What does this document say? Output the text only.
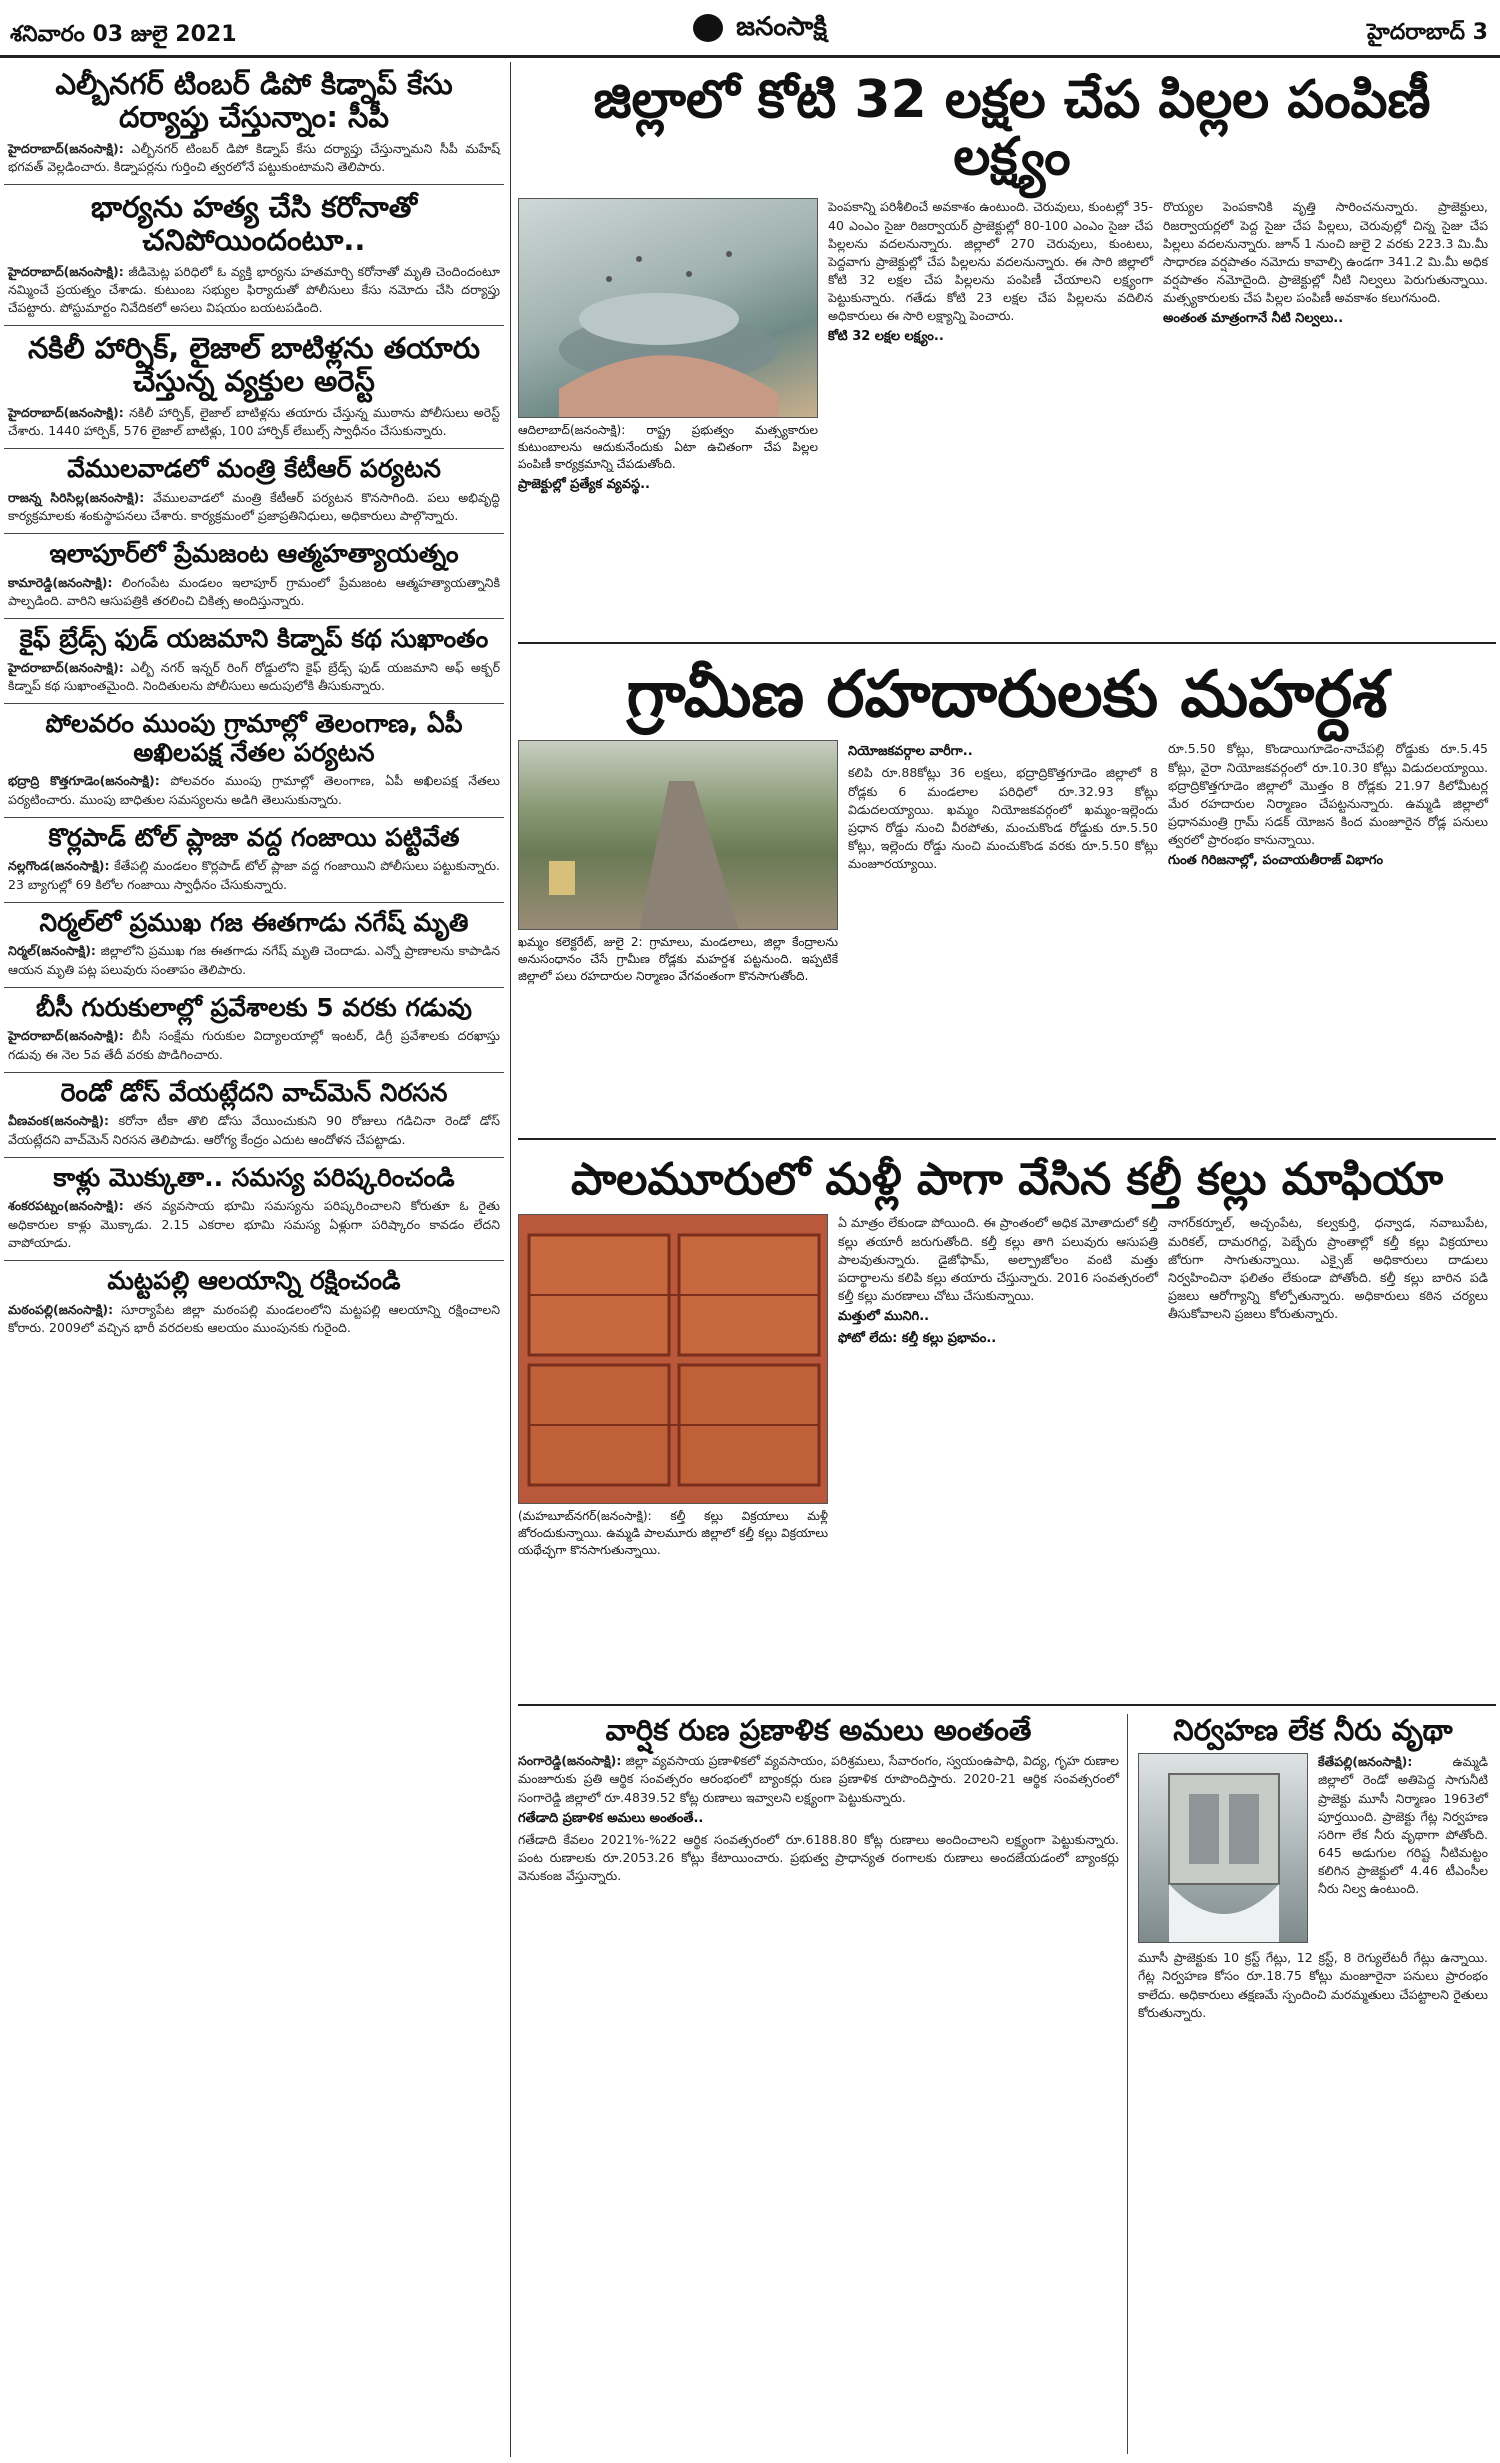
శనివారం 03 జులై 2021	జనంసాక్షి	హైదరాబాద్ 3
ఎల్బీనగర్ టింబర్ డిపో కిడ్నాప్ కేసు దర్యాప్తు చేస్తున్నాం: సీపీ
హైదరాబాద్(జనంసాక్షి): ఎల్బీనగర్ టింబర్ డిపో కిడ్నాప్ కేసు దర్యాప్తు చేస్తున్నామని సీపీ మహేష్ భగవత్ వెల్లడించారు. కిడ్నాపర్లను గుర్తించి త్వరలోనే పట్టుకుంటామని తెలిపారు.
భార్యను హత్య చేసి కరోనాతో చనిపోయిందంటూ..
హైదరాబాద్(జనంసాక్షి): జీడిమెట్ల పరిధిలో ఓ వ్యక్తి భార్యను హతమార్చి కరోనాతో మృతి చెందిందంటూ నమ్మించే ప్రయత్నం చేశాడు. కుటుంబ సభ్యుల ఫిర్యాదుతో పోలీసులు కేసు నమోదు చేసి దర్యాప్తు చేపట్టారు. పోస్టుమార్టం నివేదికలో అసలు విషయం బయటపడింది.
నకిలీ హార్పిక్, లైజాల్ బాటిళ్లను తయారు చేస్తున్న వ్యక్తుల అరెస్ట్
హైదరాబాద్(జనంసాక్షి): నకిలీ హార్పిక్, లైజాల్ బాటిళ్లను తయారు చేస్తున్న ముఠాను పోలీసులు అరెస్ట్ చేశారు. 1440 హార్పిక్, 576 లైజాల్ బాటిళ్లు, 100 హార్పిక్ లేబుల్స్ స్వాధీనం చేసుకున్నారు.
వేములవాడలో మంత్రి కేటీఆర్ పర్యటన
రాజన్న సిరిసిల్ల(జనంసాక్షి): వేములవాడలో మంత్రి కేటీఆర్ పర్యటన కొనసాగింది. పలు అభివృద్ధి కార్యక్రమాలకు శంకుస్థాపనలు చేశారు. కార్యక్రమంలో ప్రజాప్రతినిధులు, అధికారులు పాల్గొన్నారు.
ఇలాపూర్‌లో ప్రేమజంట ఆత్మహత్యాయత్నం
కామారెడ్డి(జనంసాక్షి): లింగంపేట మండలం ఇలాపూర్ గ్రామంలో ప్రేమజంట ఆత్మహత్యాయత్నానికి పాల్పడింది. వారిని ఆసుపత్రికి తరలించి చికిత్స అందిస్తున్నారు.
కైఫ్ బ్రేడ్స్ ఫుడ్ యజమాని కిడ్నాప్ కథ సుఖాంతం
హైదరాబాద్(జనంసాక్షి): ఎల్బీ నగర్ ఇన్నర్ రింగ్ రోడ్డులోని కైఫ్ బ్రేడ్స్ ఫుడ్ యజమాని అఫ్ అక్బర్ కిడ్నాప్ కథ సుఖాంతమైంది. నిందితులను పోలీసులు అదుపులోకి తీసుకున్నారు.
పోలవరం ముంపు గ్రామాల్లో తెలంగాణ, ఏపీ అఖిలపక్ష నేతల పర్యటన
భద్రాద్రి కొత్తగూడెం(జనంసాక్షి): పోలవరం ముంపు గ్రామాల్లో తెలంగాణ, ఏపీ అఖిలపక్ష నేతలు పర్యటించారు. ముంపు బాధితుల సమస్యలను అడిగి తెలుసుకున్నారు.
కొర్లపాడ్ టోల్ ప్లాజా వద్ద గంజాయి పట్టివేత
నల్లగొండ(జనంసాక్షి): కేతేపల్లి మండలం కొర్లపాడ్ టోల్ ప్లాజా వద్ద గంజాయిని పోలీసులు పట్టుకున్నారు. 23 బ్యాగుల్లో 69 కిలోల గంజాయి స్వాధీనం చేసుకున్నారు.
నిర్మల్‌లో ప్రముఖ గజ ఈతగాడు నగేష్ మృతి
నిర్మల్(జనంసాక్షి): జిల్లాలోని ప్రముఖ గజ ఈతగాడు నగేష్ మృతి చెందాడు. ఎన్నో ప్రాణాలను కాపాడిన ఆయన మృతి పట్ల పలువురు సంతాపం తెలిపారు.
బీసీ గురుకులాల్లో ప్రవేశాలకు 5 వరకు గడువు
హైదరాబాద్(జనంసాక్షి): బీసీ సంక్షేమ గురుకుల విద్యాలయాల్లో ఇంటర్, డిగ్రీ ప్రవేశాలకు దరఖాస్తు గడువు ఈ నెల 5వ తేదీ వరకు పొడిగించారు.
రెండో డోస్ వేయట్లేదని వాచ్‌మెన్ నిరసన
వీణవంక(జనంసాక్షి): కరోనా టీకా తొలి డోసు వేయించుకుని 90 రోజులు గడిచినా రెండో డోస్ వేయట్లేదని వాచ్‌మెన్ నిరసన తెలిపాడు. ఆరోగ్య కేంద్రం ఎదుట ఆందోళన చేపట్టాడు.
కాళ్లు మొక్కుతా.. సమస్య పరిష్కరించండి
శంకరపట్నం(జనంసాక్షి): తన వ్యవసాయ భూమి సమస్యను పరిష్కరించాలని కోరుతూ ఓ రైతు అధికారుల కాళ్లు మొక్కాడు. 2.15 ఎకరాల భూమి సమస్య ఏళ్లుగా పరిష్కారం కావడం లేదని వాపోయాడు.
మట్టపల్లి ఆలయాన్ని రక్షించండి
మఠంపల్లి(జనంసాక్షి): సూర్యాపేట జిల్లా మఠంపల్లి మండలంలోని మట్టపల్లి ఆలయాన్ని రక్షించాలని కోరారు. 2009లో వచ్చిన భారీ వరదలకు ఆలయం ముంపునకు గురైంది.
జిల్లాలో కోటి 32 లక్షల చేప పిల్లల పంపిణీ లక్ష్యం
ఆదిలాబాద్(జనంసాక్షి): రాష్ట్ర ప్రభుత్వం మత్స్యకారుల కుటుంబాలను ఆదుకునేందుకు ఏటా ఉచితంగా చేప పిల్లల పంపిణీ కార్యక్రమాన్ని చేపడుతోంది.
ప్రాజెక్టుల్లో ప్రత్యేక వ్యవస్థ..
పెంపకాన్ని పరిశీలించే అవకాశం ఉంటుంది. చెరువులు, కుంటల్లో 35-40 ఎంఎం సైజు రిజర్వాయర్ ప్రాజెక్టుల్లో 80-100 ఎంఎం సైజు చేప పిల్లలను వదలనున్నారు. జిల్లాలో 270 చెరువులు, కుంటలు, పెద్దవాగు ప్రాజెక్టుల్లో చేప పిల్లలను వదలనున్నారు. ఈ సారి జిల్లాలో కోటి 32 లక్షల చేప పిల్లలను పంపిణీ చేయాలని లక్ష్యంగా పెట్టుకున్నారు. గతేడు కోటి 23 లక్షల చేప పిల్లలను వదిలిన అధికారులు ఈ సారి లక్ష్యాన్ని పెంచారు.
కోటి 32 లక్షల లక్ష్యం..
రొయ్యల పెంపకానికి వృత్తి సారించనున్నారు. ప్రాజెక్టులు, రిజర్వాయర్లలో పెద్ద సైజు చేప పిల్లలు, చెరువుల్లో చిన్న సైజు చేప పిల్లలు వదలనున్నారు. జూన్ 1 నుంచి జులై 2 వరకు 223.3 మి.మీ సాధారణ వర్షపాతం నమోదు కావాల్సి ఉండగా 341.2 మి.మీ అధిక వర్షపాతం నమోదైంది. ప్రాజెక్టుల్లో నీటి నిల్వలు పెరుగుతున్నాయి. మత్స్యకారులకు చేప పిల్లల పంపిణీ అవకాశం కలుగనుంది.
అంతంత మాత్రంగానే నీటి నిల్వలు..
గ్రామీణ రహదారులకు మహర్దశ
ఖమ్మం కలెక్టరేట్, జులై 2: గ్రామాలు, మండలాలు, జిల్లా కేంద్రాలను అనుసంధానం చేసే గ్రామీణ రోడ్లకు మహర్దశ పట్టనుంది. ఇప్పటికే జిల్లాలో పలు రహదారుల నిర్మాణం వేగవంతంగా కొనసాగుతోంది.
నియోజకవర్గాల వారీగా..
కలిపి రూ.88కోట్లు 36 లక్షలు, భద్రాద్రికొత్తగూడెం జిల్లాలో 8 రోడ్లకు 6 మండలాల పరిధిలో రూ.32.93 కోట్లు విడుదలయ్యాయి. ఖమ్మం నియోజకవర్గంలో ఖమ్మం-ఇల్లెందు ప్రధాన రోడ్డు నుంచి వీరపోతు, మంచుకొండ రోడ్డుకు రూ.5.50 కోట్లు, ఇల్లెందు రోడ్డు నుంచి మంచుకొండ వరకు రూ.5.50 కోట్లు మంజూరయ్యాయి.
రూ.5.50 కోట్లు, కొండాయిగూడెం-నాచేపల్లి రోడ్డుకు రూ.5.45 కోట్లు, వైరా నియోజకవర్గంలో రూ.10.30 కోట్లు విడుదలయ్యాయి. భద్రాద్రికొత్తగూడెం జిల్లాలో మొత్తం 8 రోడ్లకు 21.97 కిలోమీటర్ల మేర రహదారుల నిర్మాణం చేపట్టనున్నారు. ఉమ్మడి జిల్లాలో ప్రధానమంత్రి గ్రామ్ సడక్ యోజన కింద మంజూరైన రోడ్ల పనులు త్వరలో ప్రారంభం కానున్నాయి.
గుంత గిరిజనాల్లో, పంచాయతీరాజ్ విభాగం
పాలమూరులో మళ్లీ పాగా వేసిన కల్తీ కల్లు మాఫియా
(మహబూబ్‌నగర్‌(జనంసాక్షి): కల్తీ కల్లు విక్రయాలు మళ్లీ జోరందుకున్నాయి. ఉమ్మడి పాలమూరు జిల్లాలో కల్తీ కల్లు విక్రయాలు యథేచ్ఛగా కొనసాగుతున్నాయి.
ఏ మాత్రం లేకుండా పోయింది. ఈ ప్రాంతంలో అధిక మోతాదులో కల్తీ కల్లు తయారీ జరుగుతోంది. కల్తీ కల్లు తాగి పలువురు ఆసుపత్రి పాలవుతున్నారు. డైజోఫామ్, అల్ప్రాజోలం వంటి మత్తు పదార్థాలను కలిపి కల్లు తయారు చేస్తున్నారు. 2016 సంవత్సరంలో కల్తీ కల్లు మరణాలు చోటు చేసుకున్నాయి.
మత్తులో మునిగి..
ఫోటో లేదు: కల్తీ కల్లు ప్రభావం..
నాగర్‌కర్నూల్, అచ్చంపేట, కల్వకుర్తి, ధన్వాడ, నవాబుపేట, మరికల్, దామరగిద్ద, పెబ్బేరు ప్రాంతాల్లో కల్తీ కల్లు విక్రయాలు జోరుగా సాగుతున్నాయి. ఎక్సైజ్ అధికారులు దాడులు నిర్వహించినా ఫలితం లేకుండా పోతోంది. కల్తీ కల్లు బారిన పడి ప్రజలు ఆరోగ్యాన్ని కోల్పోతున్నారు. అధికారులు కఠిన చర్యలు తీసుకోవాలని ప్రజలు కోరుతున్నారు.
వార్షిక రుణ ప్రణాళిక అమలు అంతంతే
సంగారెడ్డి(జనంసాక్షి): జిల్లా వ్యవసాయ ప్రణాళికలో వ్యవసాయం, పరిశ్రమలు, సేవారంగం, స్వయంఉపాధి, విద్య, గృహ రుణాల మంజూరుకు ప్రతి ఆర్థిక సంవత్సరం ఆరంభంలో బ్యాంకర్లు రుణ ప్రణాళిక రూపొందిస్తారు. 2020-21 ఆర్థిక సంవత్సరంలో సంగారెడ్డి జిల్లాలో రూ.4839.52 కోట్ల రుణాలు ఇవ్వాలని లక్ష్యంగా పెట్టుకున్నారు.
గతేడాది ప్రణాళిక అమలు అంతంతే..
గతేడాది కేవలం 2021%-%22 ఆర్థిక సంవత్సరంలో రూ.6188.80 కోట్ల రుణాలు అందించాలని లక్ష్యంగా పెట్టుకున్నారు. పంట రుణాలకు రూ.2053.26 కోట్లు కేటాయించారు. ప్రభుత్వ ప్రాధాన్యత రంగాలకు రుణాలు అందజేయడంలో బ్యాంకర్లు వెనుకంజ వేస్తున్నారు.
నిర్వహణ లేక నీరు వృథా
కేతేపల్లి(జనంసాక్షి):	ఉమ్మడి జిల్లాలో రెండో అతిపెద్ద సాగునీటి ప్రాజెక్టు మూసీ నిర్మాణం 1963లో పూర్తయింది. ప్రాజెక్టు గేట్ల నిర్వహణ సరిగా లేక నీరు వృథాగా పోతోంది. 645 అడుగుల గరిష్ట నీటిమట్టం కలిగిన ప్రాజెక్టులో 4.46 టీఎంసీల నీరు నిల్వ ఉంటుంది.
మూసీ ప్రాజెక్టుకు 10 క్రస్ట్ గేట్లు, 12 క్రస్ట్, 8 రెగ్యులేటరీ గేట్లు ఉన్నాయి. గేట్ల నిర్వహణ కోసం రూ.18.75 కోట్లు మంజూరైనా పనులు ప్రారంభం కాలేదు. అధికారులు తక్షణమే స్పందించి మరమ్మతులు చేపట్టాలని రైతులు కోరుతున్నారు.
